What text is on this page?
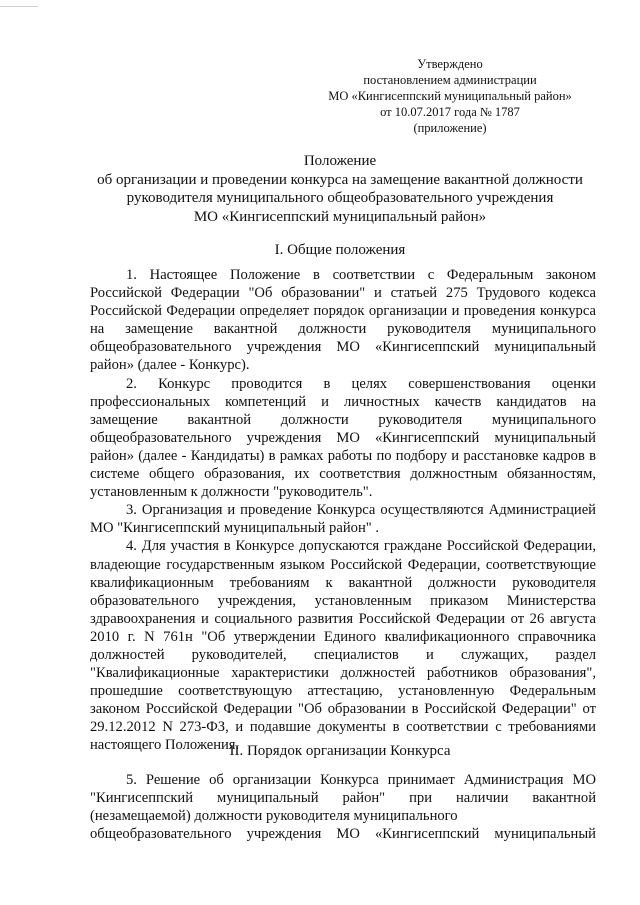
Утверждено
постановлением администрации
МО «Кингисеппский муниципальный район»
от 10.07.2017 года № 1787
(приложение)
Положение
об организации и проведении конкурса на замещение вакантной должности
руководителя муниципального общеобразовательного учреждения
МО «Кингисеппский муниципальный район»
I. Общие положения

1. Настоящее Положение в соответствии с Федеральным законом Российской Федерации "Об образовании" и статьей 275 Трудового кодекса Российской Федерации определяет порядок организации и проведения конкурса на замещение вакантной должности руководителя муниципального общеобразовательного учреждения МО «Кингисеппский муниципальный район» (далее - Конкурс).

2. Конкурс проводится в целях совершенствования оценки профессиональных компетенций и личностных качеств кандидатов на замещение вакантной должности руководителя муниципального общеобразовательного учреждения МО «Кингисеппский муниципальный район» (далее - Кандидаты) в рамках работы по подбору и расстановке кадров в системе общего образования, их соответствия должностным обязанностям, установленным к должности "руководитель".

3. Организация и проведение Конкурса осуществляются Администрацией МО "Кингисеппский муниципальный район" .

4. Для участия в Конкурсе допускаются граждане Российской Федерации, владеющие государственным языком Российской Федерации, соответствующие квалификационным требованиям к вакантной должности руководителя образовательного учреждения, установленным приказом Министерства здравоохранения и социального развития Российской Федерации от 26 августа 2010 г. N 761н "Об утверждении Единого квалификационного справочника должностей руководителей, специалистов и служащих, раздел "Квалификационные характеристики должностей работников образования", прошедшие соответствующую аттестацию, установленную Федеральным законом Российской Федерации "Об образовании в Российской Федерации" от 29.12.2012 N 273-ФЗ, и подавшие документы в соответствии с требованиями настоящего Положения.

II. Порядок организации Конкурса

5. Решение об организации Конкурса принимает Администрация МО "Кингисеппский муниципальный район" при наличии вакантной (незамещаемой) должности руководителя муниципального

общеобразовательного учреждения МО «Кингисеппский муниципальный
